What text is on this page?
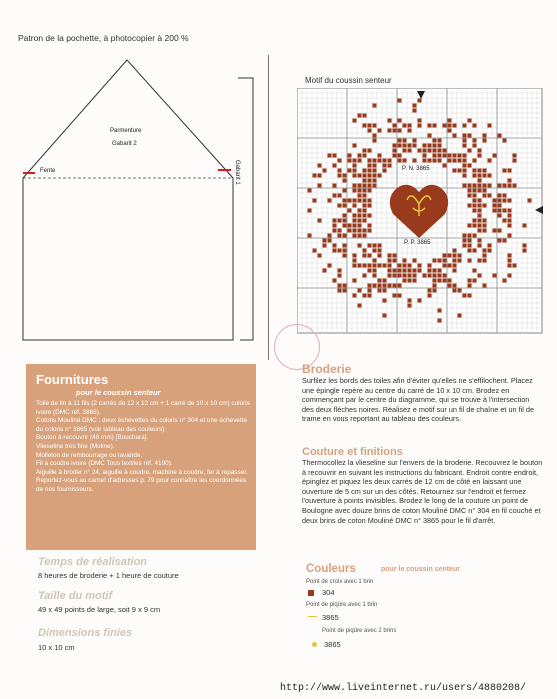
Patron de la pochette, à photocopier à 200 %
Parmenture
Gabarit 2
Fente	Gabarit 1
Motif du coussin senteur
P. N. 3865
P. P. 3865
Fournitures
pour le coussin senteur

Toile de lin à 11 fils (2 carrés de 12 x 12 cm + 1 carré de 10 x 10 cm) coloris ivoire (DMC réf. 3865).

Cotons Mouliné DMC : deux échevettes du coloris n° 304 et une échevette du coloris n° 3865 (voir tableau des couleurs).

Bouton à recouvrir (48 mm) [Bouchara].

Vlieseline très fine (Moline).

Molleton de rembourrage ou lavande.

Fil à coudre ivoire (DMC Tous textiles réf. 4190).

Aiguille à broder n° 24, aiguille à coudre, machine à coudre, fer à repasser.

Reportez-vous au carnet d'adresses p. 79 pour connaître les coordonnées de nos fournisseurs.

Temps de réalisation
8 heures de broderie + 1 heure de couture
Taille du motif
49 x 49 points de large, soit 9 x 9 cm
Dimensions finies
10 x 10 cm
Broderie
Surfilez les bords des toiles afin d'éviter qu'elles ne s'effilochent. Placez une épingle repère au centre du carré de 10 x 10 cm. Brodez en commençant par le centre du diagramme, qui se trouve à l'intersection des deux flèches noires. Réalisez e motif sur un fil de chaîne et un fil de trame en vous reportant au tableau des couleurs.
Couture et finitions
Thermocollez la vlieseline sur l'envers de la broderie. Recouvrez le bouton à recouvrir en suivant les instructions du fabricant. Endroit contre endroit, épinglez et piquez les deux carrés de 12 cm de côté en laissant une ouverture de 5 cm sur un des côtés. Retournez sur l'endroit et fermez l'ouverture à points invisibles. Brodez le long de la couture un point de Boulogne avec douze brins de coton Mouliné DMC n° 304 en fil couché et deux brins de coton Mouliné DMC n° 3865 pour le fil d'arrêt.
Couleurs	pour le coussin senteur
Point de croix avec 1 brin
304
Point de piqûre avec 1 brin
3865
Point de piqûre avec 2 brins
3865
http://www.liveinternet.ru/users/4880208/
